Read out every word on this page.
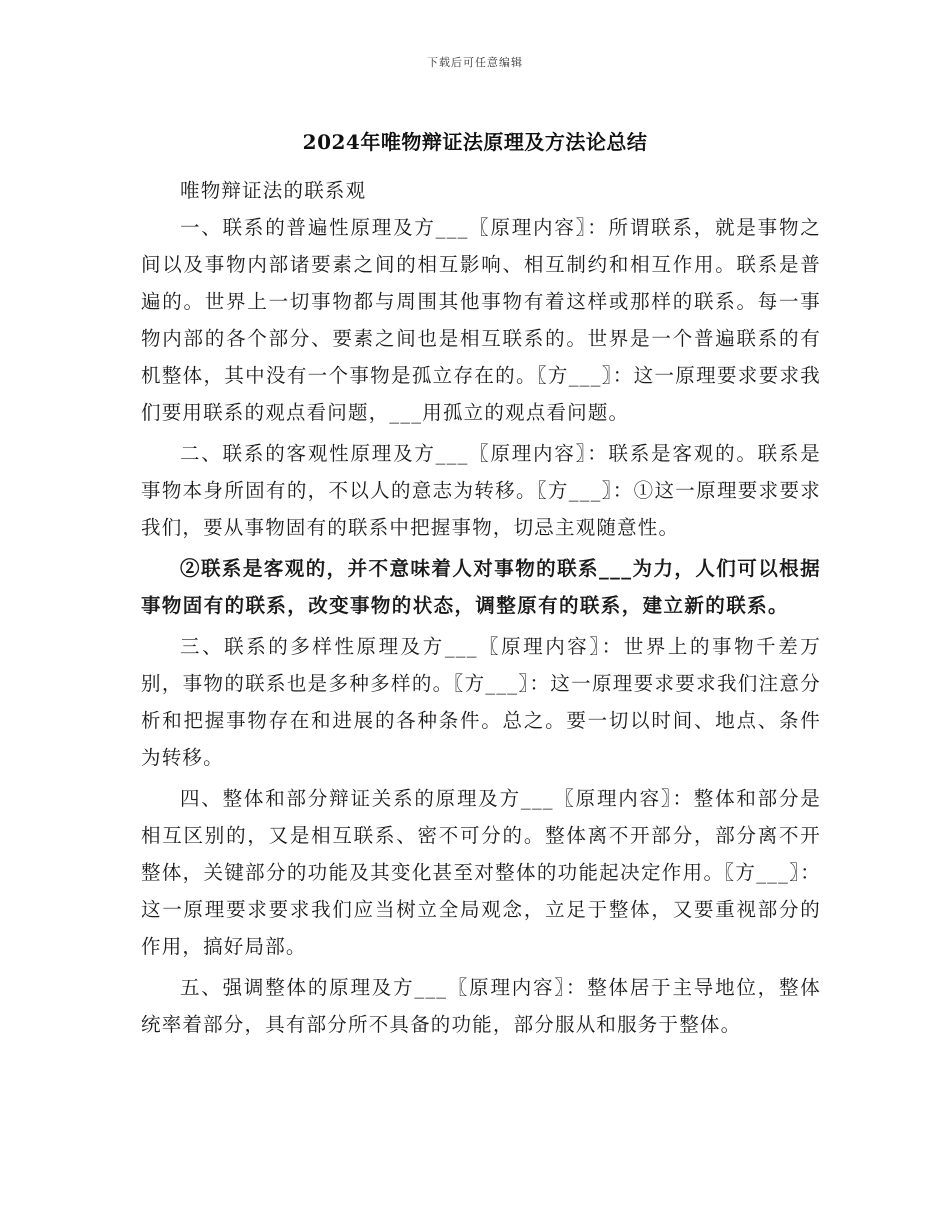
下载后可任意编辑
2024年唯物辩证法原理及方法论总结

唯物辩证法的联系观

一、联系的普遍性原理及方___〖原理内容〗：所谓联系，就是事物之间以及事物内部诸要素之间的相互影响、相互制约和相互作用。联系是普遍的。世界上一切事物都与周围其他事物有着这样或那样的联系。每一事物内部的各个部分、要素之间也是相互联系的。世界是一个普遍联系的有机整体，其中没有一个事物是孤立存在的。〖方___〗：这一原理要求要求我们要用联系的观点看问题，___用孤立的观点看问题。

二、联系的客观性原理及方___〖原理内容〗：联系是客观的。联系是事物本身所固有的，不以人的意志为转移。〖方___〗：①这一原理要求要求我们，要从事物固有的联系中把握事物，切忌主观随意性。

②联系是客观的，并不意味着人对事物的联系___为力，人们可以根据事物固有的联系，改变事物的状态，调整原有的联系，建立新的联系。

三、联系的多样性原理及方___〖原理内容〗：世界上的事物千差万别，事物的联系也是多种多样的。〖方___〗：这一原理要求要求我们注意分析和把握事物存在和进展的各种条件。总之。要一切以时间、地点、条件为转移。

四、整体和部分辩证关系的原理及方___〖原理内容〗：整体和部分是相互区别的，又是相互联系、密不可分的。整体离不开部分，部分离不开整体，关键部分的功能及其变化甚至对整体的功能起决定作用。〖方___〗：这一原理要求要求我们应当树立全局观念，立足于整体，又要重视部分的作用，搞好局部。

五、强调整体的原理及方___〖原理内容〗：整体居于主导地位，整体统率着部分，具有部分所不具备的功能，部分服从和服务于整体。
